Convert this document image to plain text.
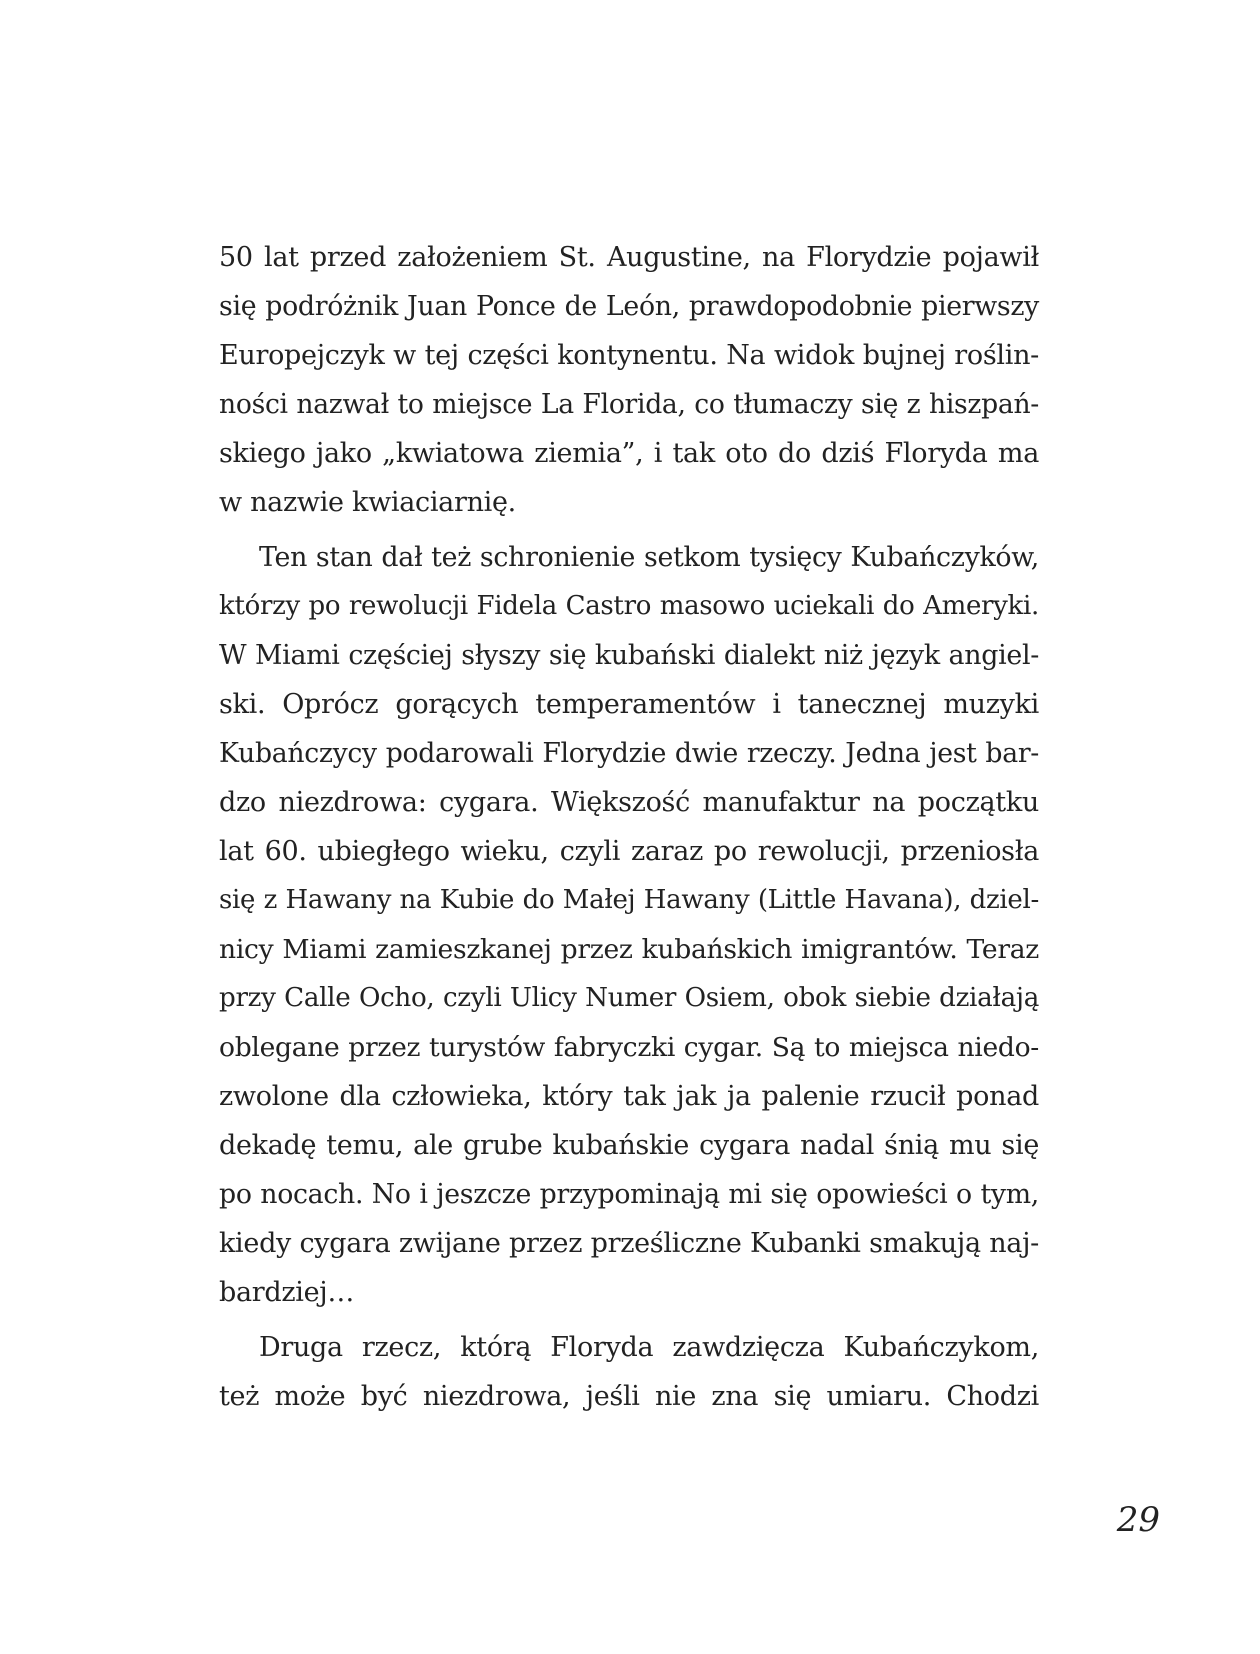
50 lat przed założeniem St. Augustine, na Florydzie pojawił
się podróżnik Juan Ponce de León, prawdopodobnie pierwszy
Europejczyk w tej części kontynentu. Na widok bujnej roślin-
ności nazwał to miejsce La Florida, co tłumaczy się z hiszpań-
skiego jako „kwiatowa ziemia”, i tak oto do dziś Floryda ma
w nazwie kwiaciarnię.
Ten stan dał też schronienie setkom tysięcy Kubańczyków,
którzy po rewolucji Fidela Castro masowo uciekali do Ameryki.
W Miami częściej słyszy się kubański dialekt niż język angiel-
ski. Oprócz gorących temperamentów i tanecznej muzyki
Kubańczycy podarowali Florydzie dwie rzeczy. Jedna jest bar-
dzo niezdrowa: cygara. Większość manufaktur na początku
lat 60. ubiegłego wieku, czyli zaraz po rewolucji, przeniosła
się z Hawany na Kubie do Małej Hawany (Little Havana), dziel-
nicy Miami zamieszkanej przez kubańskich imigrantów. Teraz
przy Calle Ocho, czyli Ulicy Numer Osiem, obok siebie działają
oblegane przez turystów fabryczki cygar. Są to miejsca niedo-
zwolone dla człowieka, który tak jak ja palenie rzucił ponad
dekadę temu, ale grube kubańskie cygara nadal śnią mu się
po nocach. No i jeszcze przypominają mi się opowieści o tym,
kiedy cygara zwijane przez prześliczne Kubanki smakują naj-
bardziej…
Druga rzecz, którą Floryda zawdzięcza Kubańczykom,
też może być niezdrowa, jeśli nie zna się umiaru. Chodzi
29
